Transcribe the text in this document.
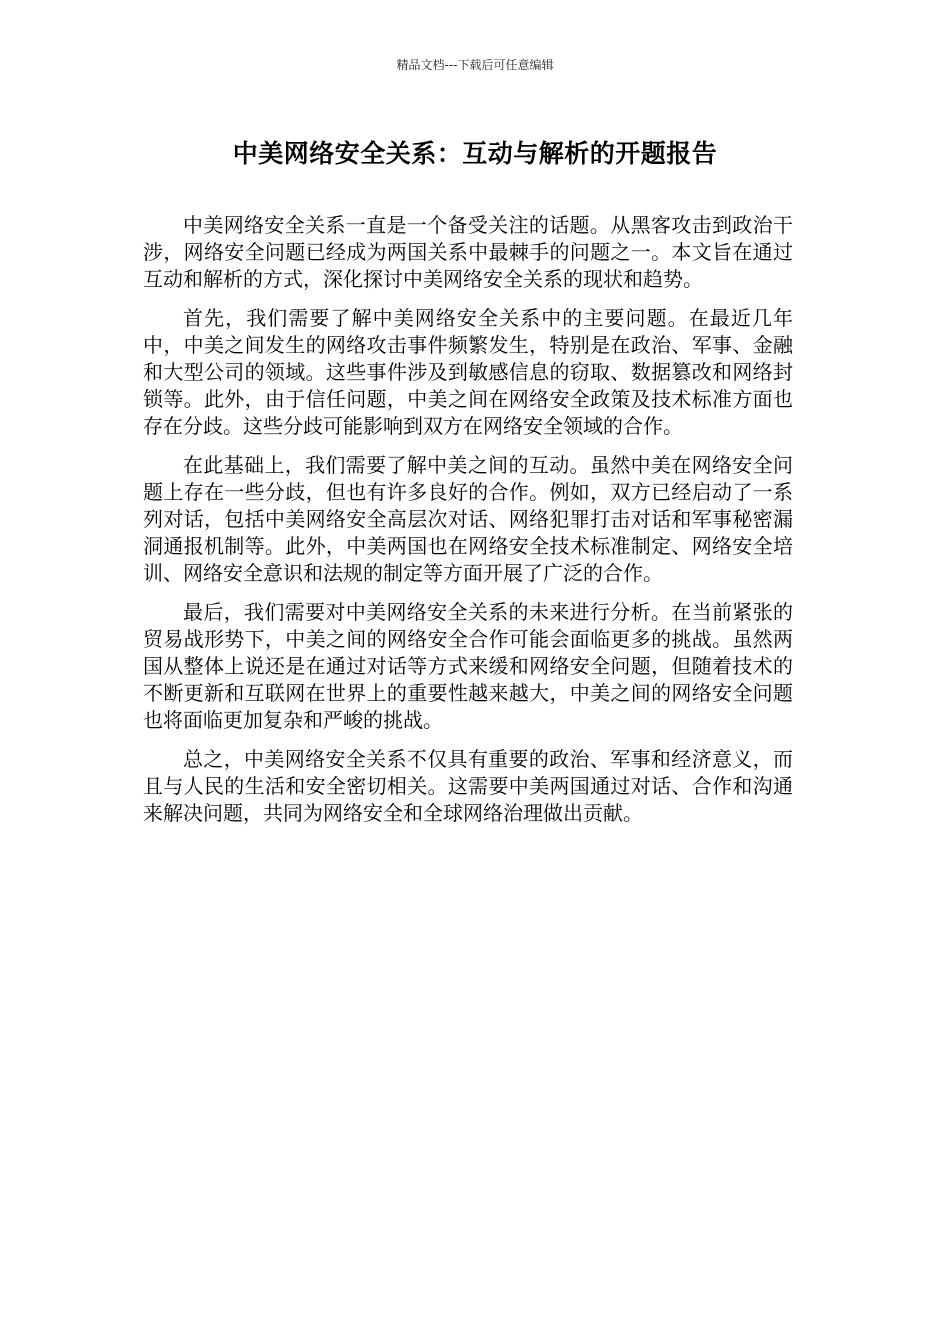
精品文档---下载后可任意编辑
中美网络安全关系：互动与解析的开题报告

中美网络安全关系一直是一个备受关注的话题。从黑客攻击到政治干涉，网络安全问题已经成为两国关系中最棘手的问题之一。本文旨在通过互动和解析的方式，深化探讨中美网络安全关系的现状和趋势。

首先，我们需要了解中美网络安全关系中的主要问题。在最近几年中，中美之间发生的网络攻击事件频繁发生，特别是在政治、军事、金融和大型公司的领域。这些事件涉及到敏感信息的窃取、数据篡改和网络封锁等。此外，由于信任问题，中美之间在网络安全政策及技术标准方面也存在分歧。这些分歧可能影响到双方在网络安全领域的合作。

在此基础上，我们需要了解中美之间的互动。虽然中美在网络安全问题上存在一些分歧，但也有许多良好的合作。例如，双方已经启动了一系列对话，包括中美网络安全高层次对话、网络犯罪打击对话和军事秘密漏洞通报机制等。此外，中美两国也在网络安全技术标准制定、网络安全培训、网络安全意识和法规的制定等方面开展了广泛的合作。

最后，我们需要对中美网络安全关系的未来进行分析。在当前紧张的贸易战形势下，中美之间的网络安全合作可能会面临更多的挑战。虽然两国从整体上说还是在通过对话等方式来缓和网络安全问题，但随着技术的不断更新和互联网在世界上的重要性越来越大，中美之间的网络安全问题也将面临更加复杂和严峻的挑战。

总之，中美网络安全关系不仅具有重要的政治、军事和经济意义，而且与人民的生活和安全密切相关。这需要中美两国通过对话、合作和沟通来解决问题，共同为网络安全和全球网络治理做出贡献。
